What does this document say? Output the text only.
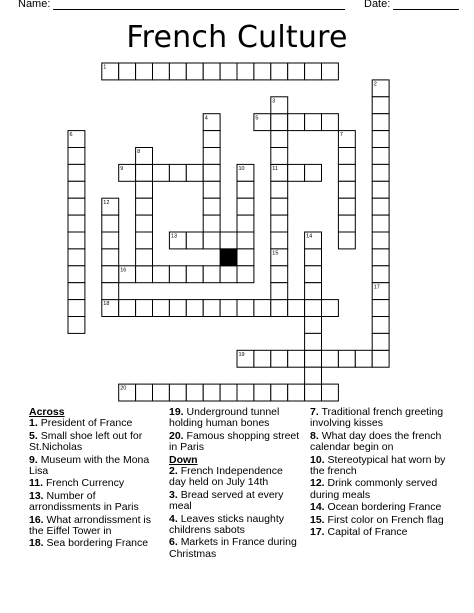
Name:	Date:
French Culture
1
2
3
4	5
6	7
8
9	10	11
12
13	14
15
16
17
18
19
20
Across
1. President of France
5. Small shoe left out for St.Nicholas
9. Museum with the Mona Lisa
11. French Currency
13. Number of arrondissments in Paris
16. What arrondissment is the Eiffel Tower in
18. Sea bordering France
19. Underground tunnel holding human bones
20. Famous shopping street in Paris
Down
2. French Independence day held on July 14th
3. Bread served at every meal
4. Leaves sticks naughty childrens sabots
6. Markets in France during Christmas
7. Traditional french greeting involving kisses
8. What day does the french calendar begin on
10. Stereotypical hat worn by the french
12. Drink commonly served during meals
14. Ocean bordering France
15. First color on French flag
17. Capital of France
